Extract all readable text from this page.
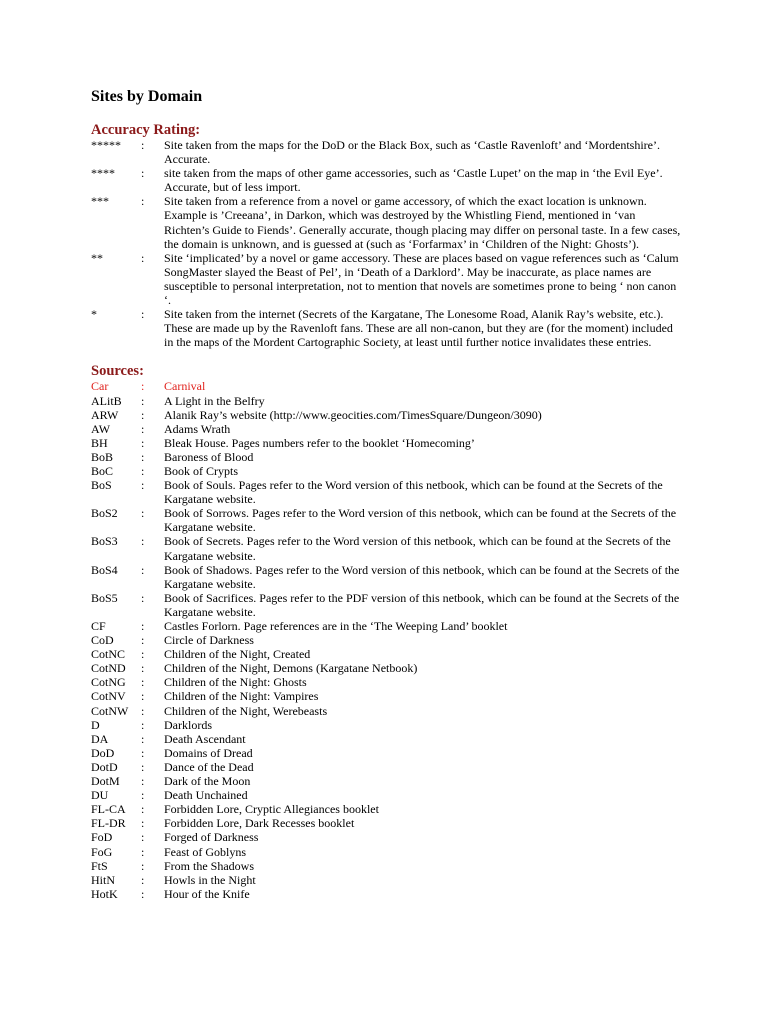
Sites by Domain
Accuracy Rating:
*****	:	Site taken from the maps for the DoD or the Black Box, such as ‘Castle Ravenloft’ and ‘Mordentshire’. Accurate.
****	:	site taken from the maps of other game accessories, such as ‘Castle Lupet’ on the map in ‘the Evil Eye’. Accurate, but of less import.
***	:	Site taken from a reference from a novel or game accessory, of which the exact location is unknown. Example is ’Creeana’, in Darkon, which was destroyed by the Whistling Fiend, mentioned in ‘van Richten’s Guide to Fiends’. Generally accurate, though placing may differ on personal taste. In a few cases, the domain is unknown, and is guessed at (such as ‘Forfarmax’ in ‘Children of the Night: Ghosts’).
**	:	Site ‘implicated’ by a novel or game accessory. These are places based on vague references such as ‘Calum SongMaster slayed the Beast of Pel’, in ‘Death of a Darklord’. May be inaccurate, as place names are susceptible to personal interpretation, not to mention that novels are sometimes prone to being ‘ non canon ‘.
*	:	Site taken from the internet (Secrets of the Kargatane, The Lonesome Road, Alanik Ray’s website, etc.). These are made up by the Ravenloft fans. These are all non-canon, but they are (for the moment) included in the maps of the Mordent Cartographic Society, at least until further notice invalidates these entries.
Sources:
Car	:	Carnival
ALitB	:	A Light in the Belfry
ARW	:	Alanik Ray’s website (http://www.geocities.com/TimesSquare/Dungeon/3090)
AW	:	Adams Wrath
BH	:	Bleak House. Pages numbers refer to the booklet ‘Homecoming’
BoB	:	Baroness of Blood
BoC	:	Book of Crypts
BoS	:	Book of Souls. Pages refer to the Word version of this netbook, which can be found at the Secrets of the Kargatane website.
BoS2	:	Book of Sorrows. Pages refer to the Word version of this netbook, which can be found at the Secrets of the Kargatane website.
BoS3	:	Book of Secrets. Pages refer to the Word version of this netbook, which can be found at the Secrets of the Kargatane website.
BoS4	:	Book of Shadows. Pages refer to the Word version of this netbook, which can be found at the Secrets of the Kargatane website.
BoS5	:	Book of Sacrifices. Pages refer to the PDF version of this netbook, which can be found at the Secrets of the Kargatane website.
CF	:	Castles Forlorn. Page references are in the ‘The Weeping Land’ booklet
CoD	:	Circle of Darkness
CotNC	:	Children of the Night, Created
CotND	:	Children of the Night, Demons (Kargatane Netbook)
CotNG	:	Children of the Night: Ghosts
CotNV	:	Children of the Night: Vampires
CotNW	:	Children of the Night, Werebeasts
D	:	Darklords
DA	:	Death Ascendant
DoD	:	Domains of Dread
DotD	:	Dance of the Dead
DotM	:	Dark of the Moon
DU	:	Death Unchained
FL-CA	:	Forbidden Lore, Cryptic Allegiances booklet
FL-DR	:	Forbidden Lore, Dark Recesses booklet
FoD	:	Forged of Darkness
FoG	:	Feast of Goblyns
FtS	:	From the Shadows
HitN	:	Howls in the Night
HotK	:	Hour of the Knife
